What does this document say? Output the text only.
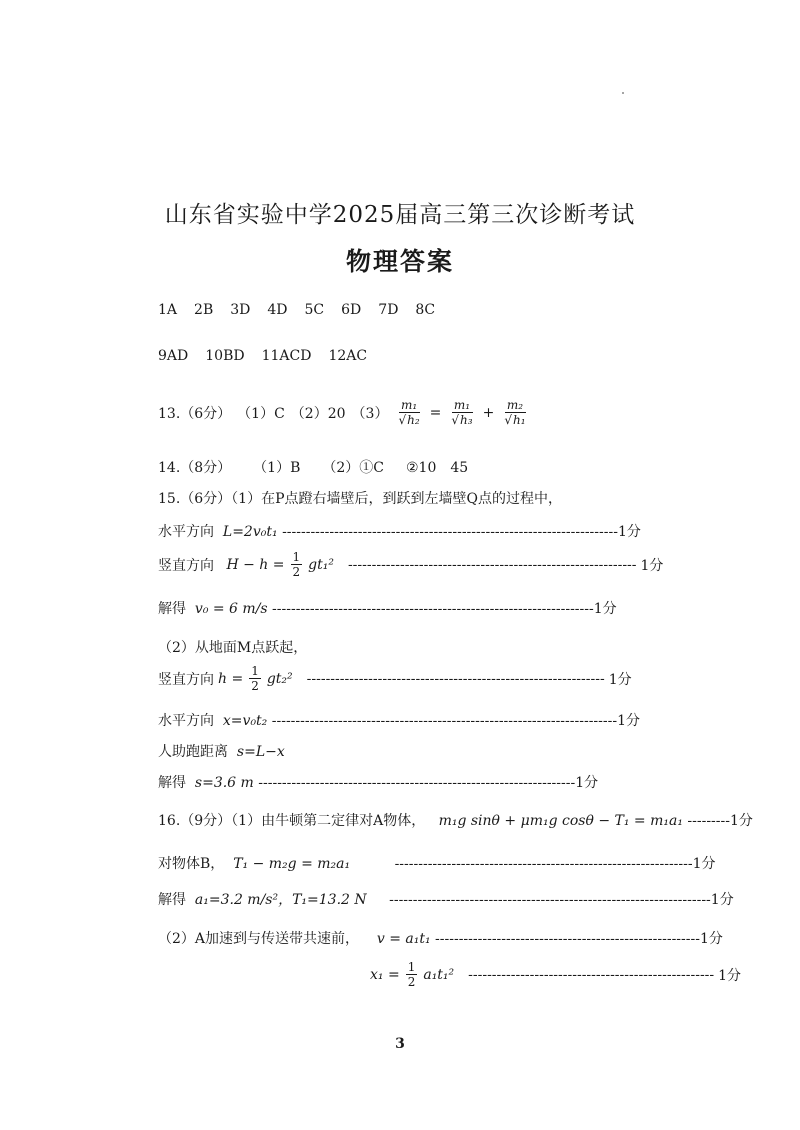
山东省实验中学2025届高三第三次诊断考试
物理答案
1A 2B 3D 4D 5C 6D 7D 8C
9AD 10BD 11ACD 12AC
13.（6分） （1）C （2）20 $(3) \frac{\text{m₁}}{\text{√h₂}} = \frac{\text{m₁}}{\text{√h₃}} + \frac{\text{m₂}}{\text{√h₁}}$
14.（8分） （1）B （2）①C ②10　45
15.（6分）（1）在P点蹬右墙壁后，到跃到左墙壁Q点的过程中，
水平方向 L=2v₀t₁ -----------------------------------------------------------------------1分
竖直方向
$H - h = \frac{1}{2} gt_1^2$ ------------------------------------------------------------- 1分
解得 v₀ = 6 m/s --------------------------------------------------------------------1分
（2）从地面M点跃起，
竖直方向 $h = \frac{1}{2} gt_2^2$ --------------------------------------------------------------- 1分
水平方向 x=v₀t₂ -------------------------------------------------------------------------1分
人助跑距离 s=L−x
解得 s=3.6 m -------------------------------------------------------------------1分
16.（9分）（1）由牛顿第二定律对A物体， m₁g sinθ + μm₁g cosθ − T₁ = m₁a₁ ---------1分
对物体B， T₁ − m₂g = m₂a₁	---------------------------------------------------------------1分
解得 a₁=3.2 m/s²，T₁=13.2 N --------------------------------------------------------------------1分
（2）A加速到与传送带共速前， v = a₁t₁ --------------------------------------------------------1分
$x_1 = \frac{1}{2} a_1t_1^2$ ---------------------------------------------------- 1分
3
